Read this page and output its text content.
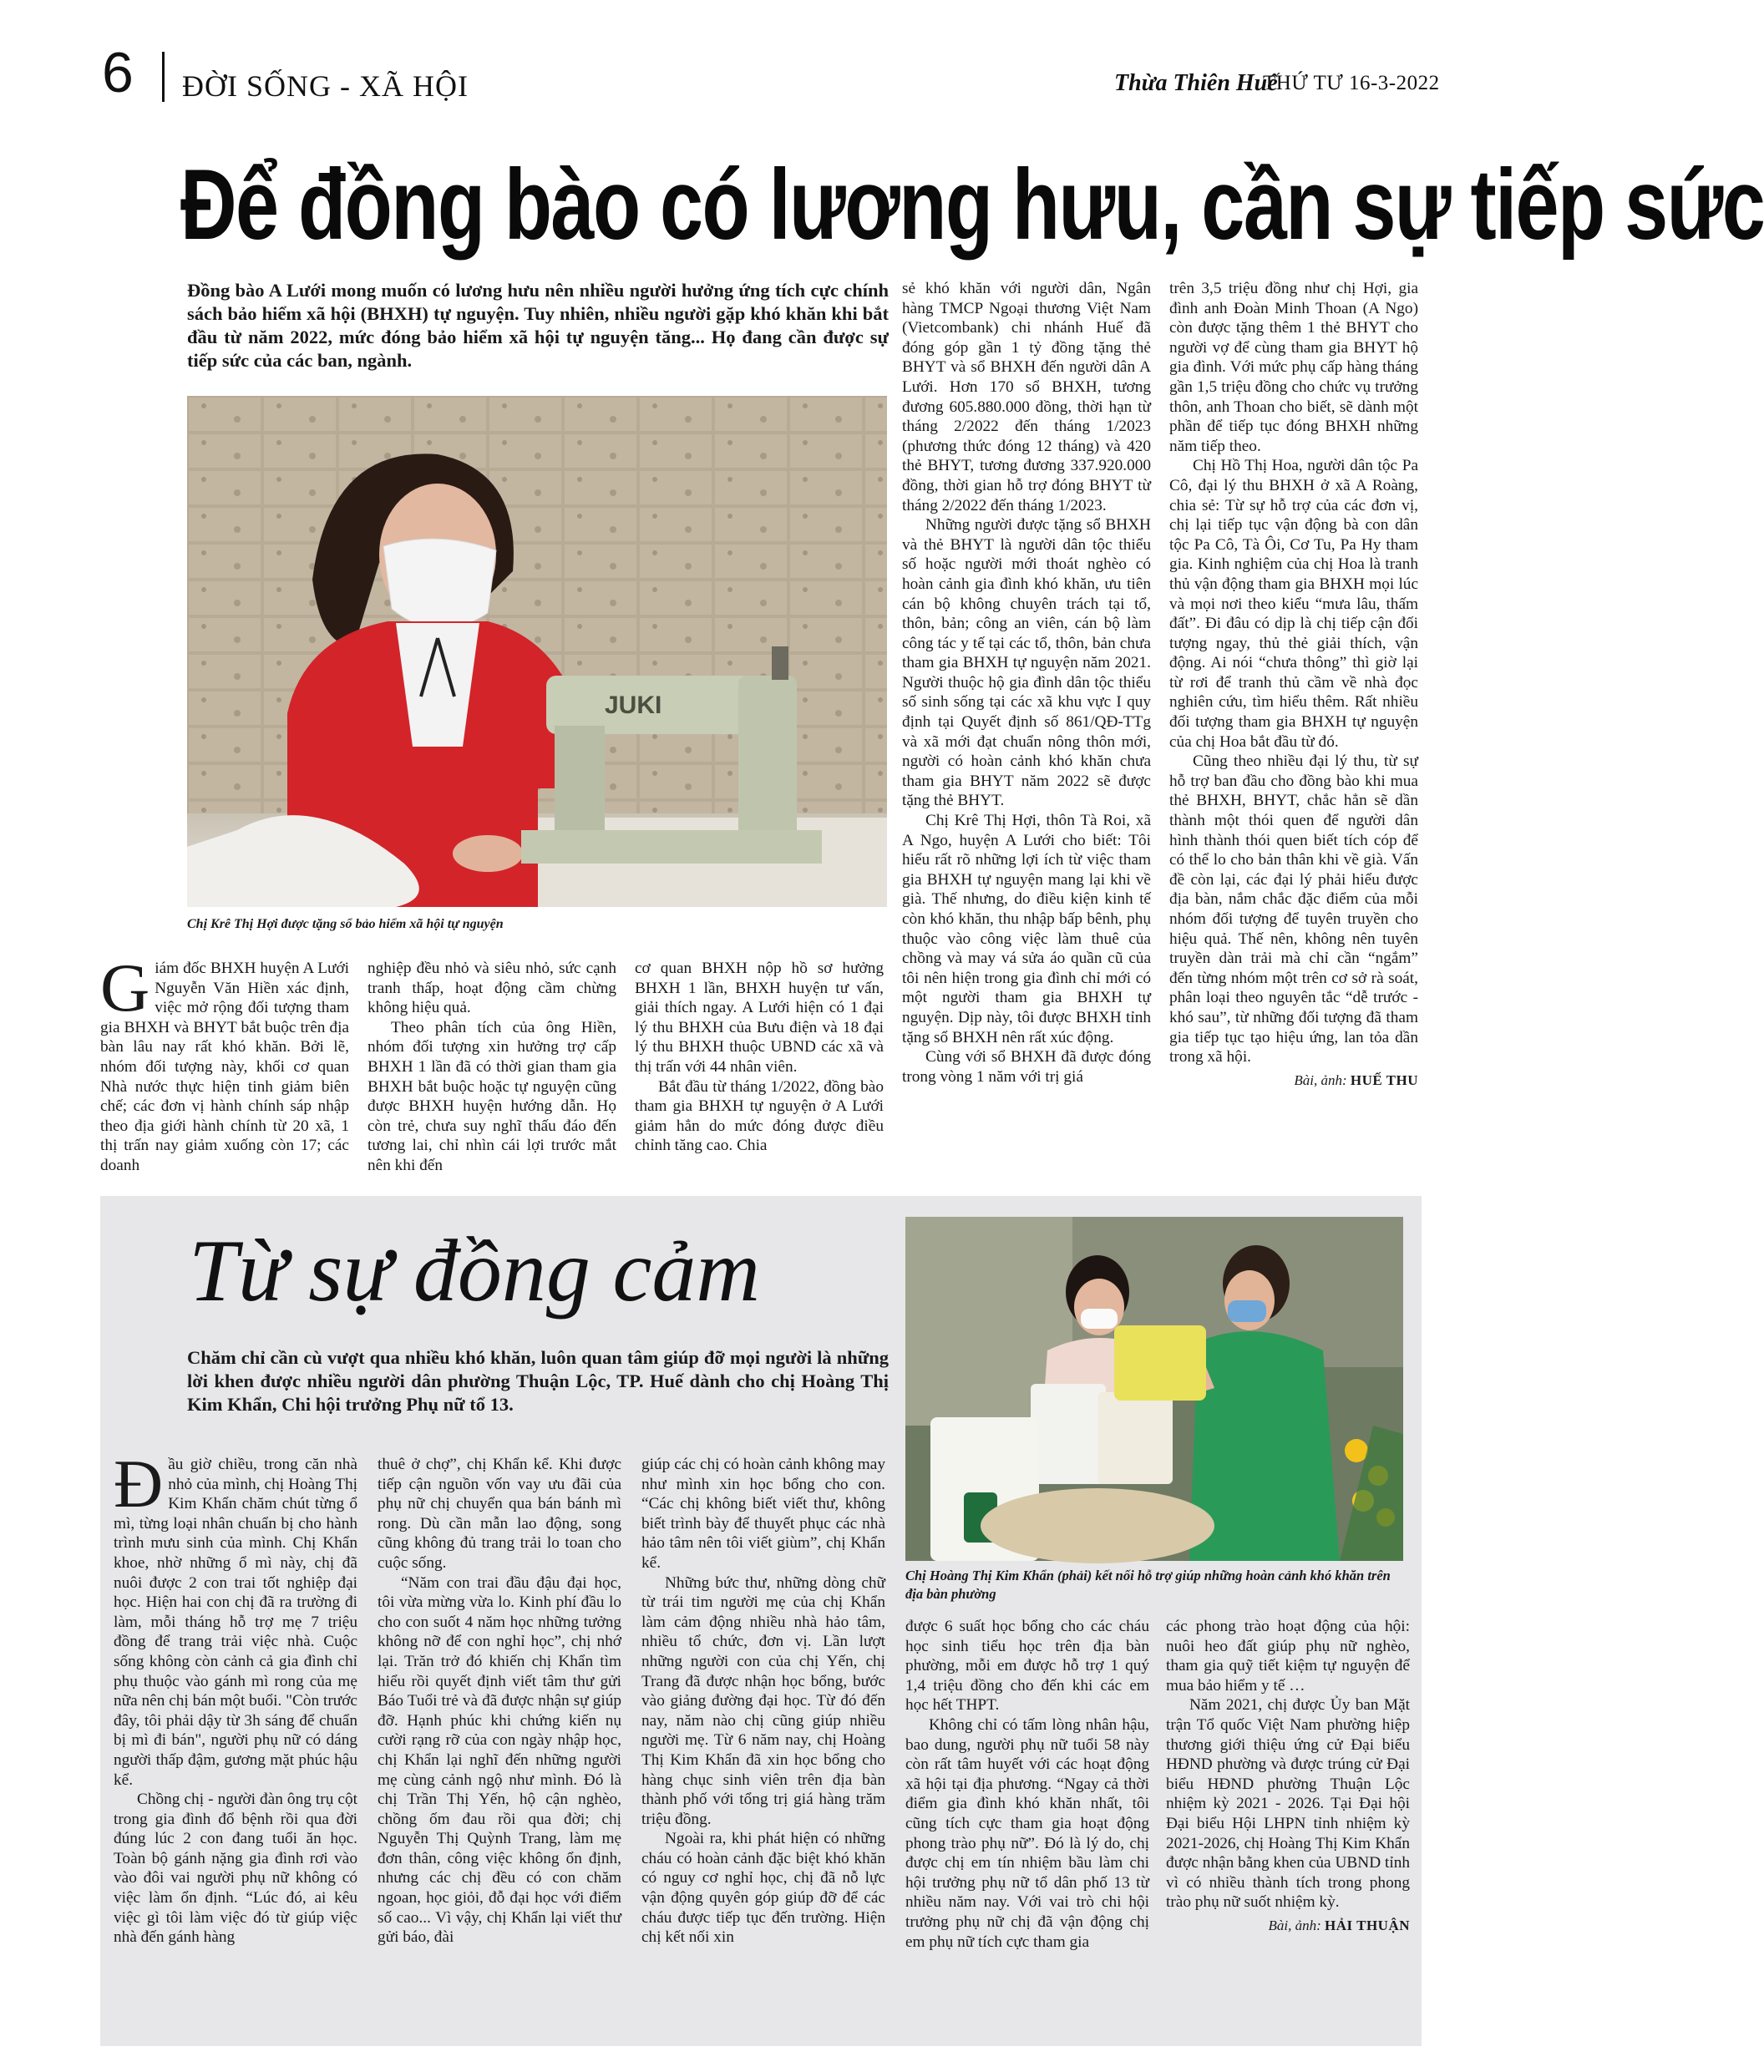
6 ĐỜI SỐNG - XÃ HỘI	Thừa Thiên Huế
THỨ TƯ 16-3-2022
Để đồng bào có lương hưu, cần sự tiếp sức
Đồng bào A Lưới mong muốn có lương hưu nên nhiều người hưởng ứng tích cực chính sách bảo hiểm xã hội (BHXH) tự nguyện. Tuy nhiên, nhiều người gặp khó khăn khi bắt đầu từ năm 2022, mức đóng bảo hiểm xã hội tự nguyện tăng... Họ đang cần được sự tiếp sức của các ban, ngành.
JUKI
Chị Krê Thị Hợi được tặng sổ bảo hiểm xã hội tự nguyện

Giám đốc BHXH huyện A Lưới Nguyễn Văn Hiền xác định, việc mở rộng đối tượng tham gia BHXH và BHYT bắt buộc trên địa bàn lâu nay rất khó khăn. Bởi lẽ, nhóm đối tượng này, khối cơ quan Nhà nước thực hiện tinh giảm biên chế; các đơn vị hành chính sáp nhập theo địa giới hành chính từ 20 xã, 1 thị trấn nay giảm xuống còn 17; các doanh

nghiệp đều nhỏ và siêu nhỏ, sức cạnh tranh thấp, hoạt động cầm chừng không hiệu quả.

Theo phân tích của ông Hiền, nhóm đối tượng xin hưởng trợ cấp BHXH 1 lần đã có thời gian tham gia BHXH bắt buộc hoặc tự nguyện cũng được BHXH huyện hướng dẫn. Họ còn trẻ, chưa suy nghĩ thấu đáo đến tương lai, chỉ nhìn cái lợi trước mắt nên khi đến

cơ quan BHXH nộp hồ sơ hưởng BHXH 1 lần, BHXH huyện tư vấn, giải thích ngay. A Lưới hiện có 1 đại lý thu BHXH của Bưu điện và 18 đại lý thu BHXH thuộc UBND các xã và thị trấn với 44 nhân viên.

Bắt đầu từ tháng 1/2022, đồng bào tham gia BHXH tự nguyện ở A Lưới giảm hẳn do mức đóng được điều chỉnh tăng cao. Chia

sẻ khó khăn với người dân, Ngân hàng TMCP Ngoại thương Việt Nam (Vietcombank) chi nhánh Huế đã đóng góp gần 1 tỷ đồng tặng thẻ BHYT và sổ BHXH đến người dân A Lưới. Hơn 170 sổ BHXH, tương đương 605.880.000 đồng, thời hạn từ tháng 2/2022 đến tháng 1/2023 (phương thức đóng 12 tháng) và 420 thẻ BHYT, tương đương 337.920.000 đồng, thời gian hỗ trợ đóng BHYT từ tháng 2/2022 đến tháng 1/2023.

Những người được tặng sổ BHXH và thẻ BHYT là người dân tộc thiểu số hoặc người mới thoát nghèo có hoàn cảnh gia đình khó khăn, ưu tiên cán bộ không chuyên trách tại tổ, thôn, bản; công an viên, cán bộ làm công tác y tế tại các tổ, thôn, bản chưa tham gia BHXH tự nguyện năm 2021. Người thuộc hộ gia đình dân tộc thiểu số sinh sống tại các xã khu vực I quy định tại Quyết định số 861/QĐ-TTg và xã mới đạt chuẩn nông thôn mới, người có hoàn cảnh khó khăn chưa tham gia BHYT năm 2022 sẽ được tặng thẻ BHYT.

Chị Krê Thị Hợi, thôn Tà Roi, xã A Ngo, huyện A Lưới cho biết: Tôi hiểu rất rõ những lợi ích từ việc tham gia BHXH tự nguyện mang lại khi về già. Thế nhưng, do điều kiện kinh tế còn khó khăn, thu nhập bấp bênh, phụ thuộc vào công việc làm thuê của chồng và may vá sửa áo quần cũ của tôi nên hiện trong gia đình chỉ mới có một người tham gia BHXH tự nguyện. Dịp này, tôi được BHXH tỉnh tặng sổ BHXH nên rất xúc động.

Cùng với sổ BHXH đã được đóng trong vòng 1 năm với trị giá

trên 3,5 triệu đồng như chị Hợi, gia đình anh Đoàn Minh Thoan (A Ngo) còn được tặng thêm 1 thẻ BHYT cho người vợ để cùng tham gia BHYT hộ gia đình. Với mức phụ cấp hàng tháng gần 1,5 triệu đồng cho chức vụ trưởng thôn, anh Thoan cho biết, sẽ dành một phần để tiếp tục đóng BHXH những năm tiếp theo.

Chị Hồ Thị Hoa, người dân tộc Pa Cô, đại lý thu BHXH ở xã A Roàng, chia sẻ: Từ sự hỗ trợ của các đơn vị, chị lại tiếp tục vận động bà con dân tộc Pa Cô, Tà Ôi, Cơ Tu, Pa Hy tham gia. Kinh nghiệm của chị Hoa là tranh thủ vận động tham gia BHXH mọi lúc và mọi nơi theo kiểu “mưa lâu, thấm đất”. Đi đâu có dịp là chị tiếp cận đối tượng ngay, thủ thẻ giải thích, vận động. Ai nói “chưa thông” thì giờ lại từ rơi để tranh thủ cầm về nhà đọc nghiên cứu, tìm hiểu thêm. Rất nhiều đối tượng tham gia BHXH tự nguyện của chị Hoa bắt đầu từ đó.

Cũng theo nhiều đại lý thu, từ sự hỗ trợ ban đầu cho đồng bào khi mua thẻ BHXH, BHYT, chắc hẳn sẽ dần thành một thói quen để người dân hình thành thói quen biết tích cóp để có thể lo cho bản thân khi về già. Vấn đề còn lại, các đại lý phải hiểu được địa bàn, nắm chắc đặc điểm của mỗi nhóm đối tượng để tuyên truyền cho hiệu quả. Thế nên, không nên tuyên truyền dàn trải mà chỉ cần “ngắm” đến từng nhóm một trên cơ sở rà soát, phân loại theo nguyên tắc “dễ trước - khó sau”, từ những đối tượng đã tham gia tiếp tục tạo hiệu ứng, lan tỏa dần trong xã hội.

Bài, ảnh: HUẾ THU
Từ sự đồng cảm
Chăm chỉ cần cù vượt qua nhiều khó khăn, luôn quan tâm giúp đỡ mọi người là những lời khen được nhiều người dân phường Thuận Lộc, TP. Huế dành cho chị Hoàng Thị Kim Khẩn, Chi hội trưởng Phụ nữ tổ 13.
Chị Hoàng Thị Kim Khẩn (phải) kết nối hỗ trợ giúp những hoàn cảnh khó khăn trên địa bàn phường

Đầu giờ chiều, trong căn nhà nhỏ của mình, chị Hoàng Thị Kim Khẩn chăm chút từng ổ mì, từng loại nhân chuẩn bị cho hành trình mưu sinh của mình. Chị Khẩn khoe, nhờ những ổ mì này, chị đã nuôi được 2 con trai tốt nghiệp đại học. Hiện hai con chị đã ra trường đi làm, mỗi tháng hỗ trợ mẹ 7 triệu đồng để trang trải việc nhà. Cuộc sống không còn cảnh cả gia đình chỉ phụ thuộc vào gánh mì rong của mẹ nữa nên chị bán một buổi. "Còn trước đây, tôi phải dậy từ 3h sáng để chuẩn bị mì đi bán", người phụ nữ có dáng người thấp đậm, gương mặt phúc hậu kể.

Chồng chị - người đàn ông trụ cột trong gia đình đổ bệnh rồi qua đời đúng lúc 2 con đang tuổi ăn học. Toàn bộ gánh nặng gia đình rơi vào vào đôi vai người phụ nữ không có việc làm ổn định. “Lúc đó, ai kêu việc gì tôi làm việc đó từ giúp việc nhà đến gánh hàng

thuê ở chợ”, chị Khẩn kể. Khi được tiếp cận nguồn vốn vay ưu đãi của phụ nữ chị chuyển qua bán bánh mì rong. Dù cần mẫn lao động, song cũng không đủ trang trải lo toan cho cuộc sống.

“Năm con trai đầu đậu đại học, tôi vừa mừng vừa lo. Kinh phí đầu lo cho con suốt 4 năm học những tưởng không nỡ để con nghỉ học”, chị nhớ lại. Trăn trở đó khiến chị Khẩn tìm hiểu rồi quyết định viết tâm thư gửi Báo Tuổi trẻ và đã được nhận sự giúp đỡ. Hạnh phúc khi chứng kiến nụ cười rạng rỡ của con ngày nhập học, chị Khẩn lại nghĩ đến những người mẹ cùng cảnh ngộ như mình. Đó là chị Trần Thị Yến, hộ cận nghèo, chồng ốm đau rồi qua đời; chị Nguyễn Thị Quỳnh Trang, làm mẹ đơn thân, công việc không ổn định, nhưng các chị đều có con chăm ngoan, học giỏi, đỗ đại học với điểm số cao... Vì vậy, chị Khẩn lại viết thư gửi báo, đài

giúp các chị có hoàn cảnh không may như mình xin học bổng cho con. “Các chị không biết viết thư, không biết trình bày để thuyết phục các nhà hảo tâm nên tôi viết giùm”, chị Khẩn kể.

Những bức thư, những dòng chữ từ trái tim người mẹ của chị Khẩn làm cảm động nhiều nhà hảo tâm, nhiều tổ chức, đơn vị. Lần lượt những người con của chị Yến, chị Trang đã được nhận học bổng, bước vào giảng đường đại học. Từ đó đến nay, năm nào chị cũng giúp nhiều người mẹ. Từ 6 năm nay, chị Hoàng Thị Kim Khẩn đã xin học bổng cho hàng chục sinh viên trên địa bàn thành phố với tổng trị giá hàng trăm triệu đồng.

Ngoài ra, khi phát hiện có những cháu có hoàn cảnh đặc biệt khó khăn có nguy cơ nghỉ học, chị đã nỗ lực vận động quyên góp giúp đỡ để các cháu được tiếp tục đến trường. Hiện chị kết nối xin

được 6 suất học bổng cho các cháu học sinh tiểu học trên địa bàn phường, mỗi em được hỗ trợ 1 quý 1,4 triệu đồng cho đến khi các em học hết THPT.

Không chỉ có tấm lòng nhân hậu, bao dung, người phụ nữ tuổi 58 này còn rất tâm huyết với các hoạt động xã hội tại địa phương. “Ngay cả thời điểm gia đình khó khăn nhất, tôi cũng tích cực tham gia hoạt động phong trào phụ nữ”. Đó là lý do, chị được chị em tín nhiệm bầu làm chi hội trưởng phụ nữ tổ dân phố 13 từ nhiều năm nay. Với vai trò chi hội trưởng phụ nữ chị đã vận động chị em phụ nữ tích cực tham gia

các phong trào hoạt động của hội: nuôi heo đất giúp phụ nữ nghèo, tham gia quỹ tiết kiệm tự nguyện để mua bảo hiểm y tế …

Năm 2021, chị được Ủy ban Mặt trận Tổ quốc Việt Nam phường hiệp thương giới thiệu ứng cử Đại biểu HĐND phường và được trúng cử Đại biểu HĐND phường Thuận Lộc nhiệm kỳ 2021 - 2026. Tại Đại hội Đại biểu Hội LHPN tỉnh nhiệm kỳ 2021-2026, chị Hoàng Thị Kim Khẩn được nhận bằng khen của UBND tỉnh vì có nhiều thành tích trong phong trào phụ nữ suốt nhiệm kỳ.

Bài, ảnh: HẢI THUẬN
